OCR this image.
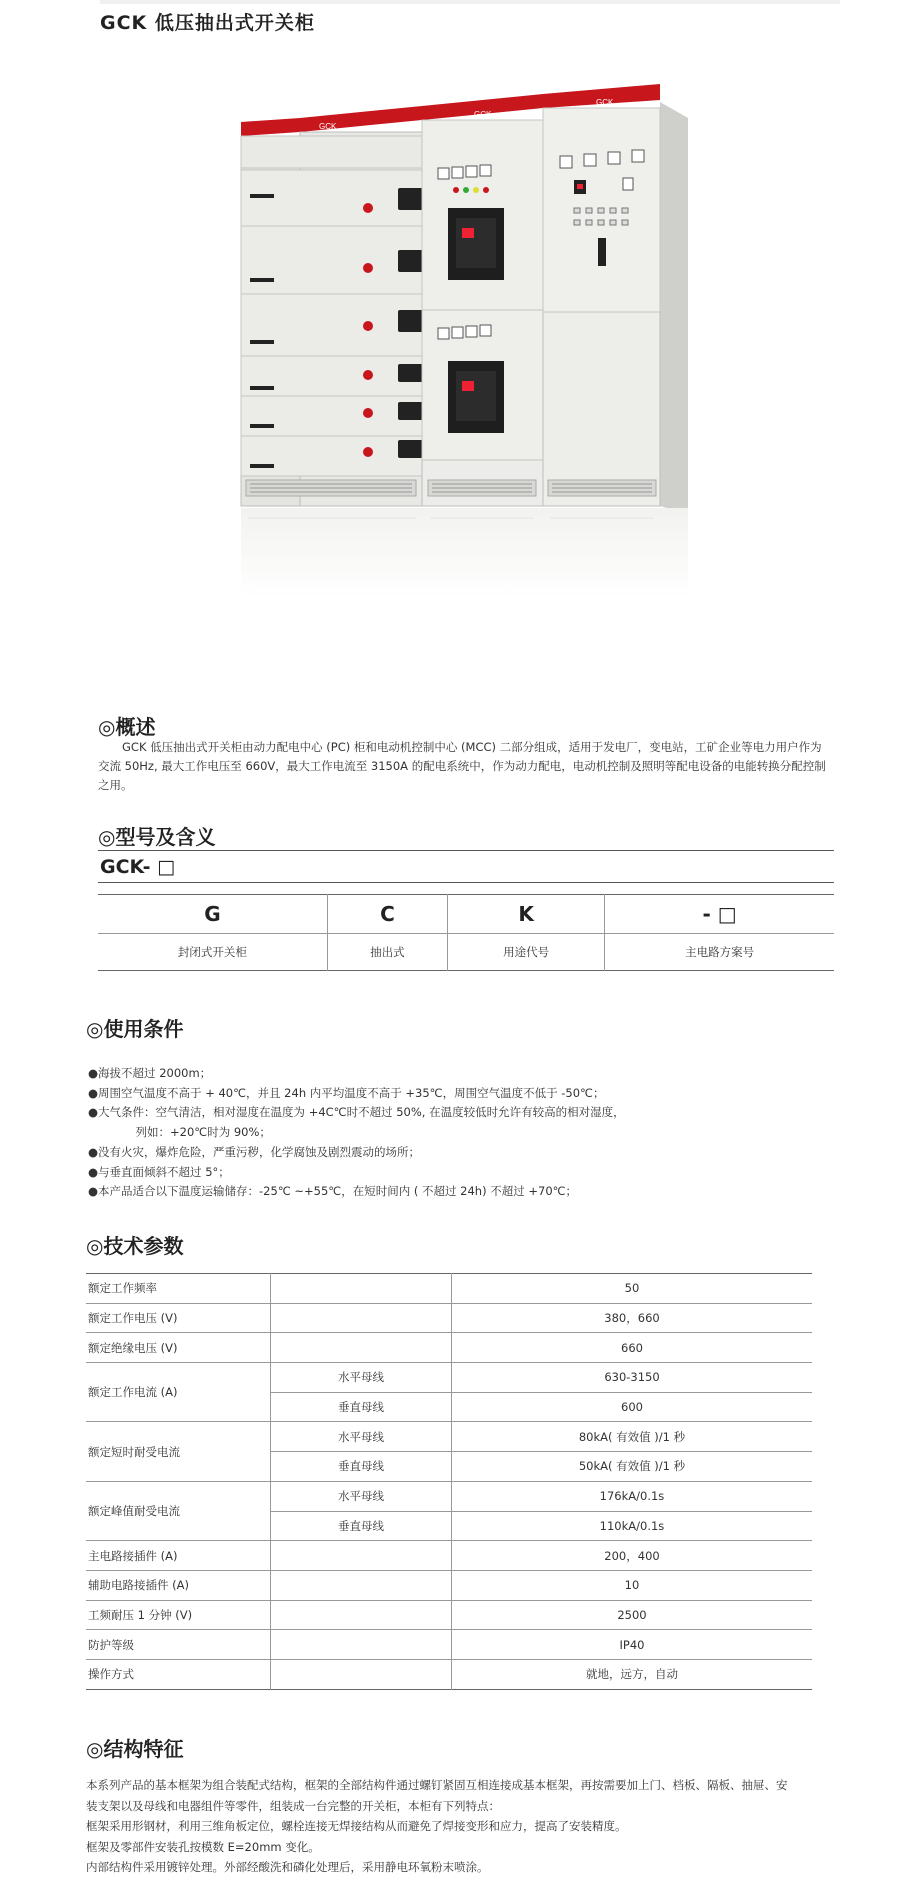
GCK 低压抽出式开关柜
GCK
GCK
GCK
◎概述
GCK 低压抽出式开关柜由动力配电中心 (PC) 柜和电动机控制中心 (MCC) 二部分组成，适用于发电厂，变电站，工矿企业等电力用户作为
交流 50Hz, 最大工作电压至 660V，最大工作电流至 3150A 的配电系统中，作为动力配电，电动机控制及照明等配电设备的电能转换分配控制
之用。
◎型号及含义
GCK- □
G	C	K	- □
封闭式开关柜	抽出式	用途代号	主电路方案号
◎使用条件
●海拔不超过 2000m；
●周围空气温度不高于 + 40℃，并且 24h 内平均温度不高于 +35℃，周围空气温度不低于 -50℃；
●大气条件：空气清洁，相对湿度在温度为 +4C℃时不超过 50%, 在温度较低时允许有较高的相对湿度，
列如：+20℃时为 90%；
●没有火灾，爆炸危险，严重污秽，化学腐蚀及剧烈震动的场所；
●与垂直面倾斜不超过 5°；
●本产品适合以下温度运输储存：-25℃ ~+55℃，在短时间内 ( 不超过 24h) 不超过 +70℃；
◎技术参数
额定工作频率		50
额定工作电压 (V)		380，660
额定绝缘电压 (V)		660
额定工作电流 (A)	水平母线	630-3150
	垂直母线	600
额定短时耐受电流	水平母线	80kA( 有效值 )/1 秒
	垂直母线	50kA( 有效值 )/1 秒
额定峰值耐受电流	水平母线	176kA/0.1s
	垂直母线	110kA/0.1s
主电路接插件 (A)		200，400
辅助电路接插件 (A)		10
工频耐压 1 分钟 (V)		2500
防护等级		IP40
操作方式		就地，远方，自动
◎结构特征
本系列产品的基本框架为组合装配式结构，框架的全部结构件通过螺钉紧固互相连接成基本框架，再按需要加上门、档板、隔板、抽屉、安
装支架以及母线和电器组件等零件，组装成一台完整的开关柜，本柜有下列特点：
框架采用形钢材，利用三维角板定位，螺栓连接无焊接结构从而避免了焊接变形和应力，提高了安装精度。
框架及零部件安装孔按模数 E=20mm 变化。
内部结构件采用镀锌处理。外部经酸洗和磷化处理后，采用静电环氧粉末喷涂。
